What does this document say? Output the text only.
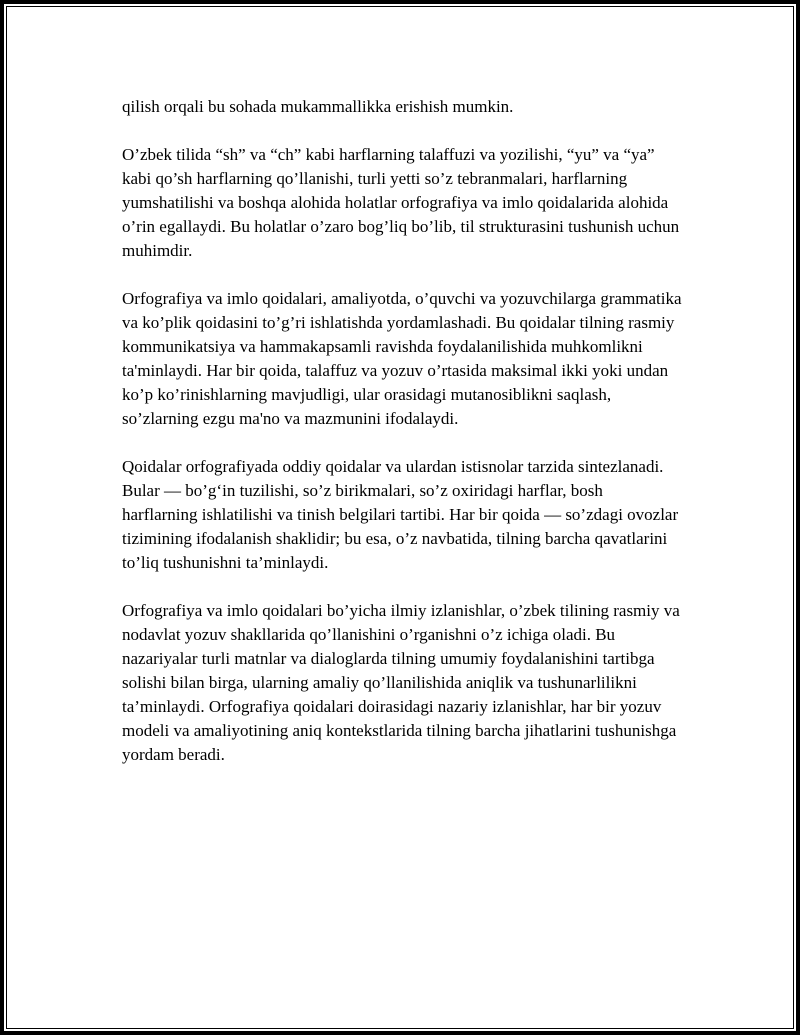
qilish orqali bu sohada mukammallikka erishish mumkin.

O’zbek tilida “sh” va “ch” kabi harflarning talaffuzi va yozilishi, “yu” va “ya” kabi qo’sh harflarning qo’llanishi, turli yetti so’z tebranmalari, harflarning yumshatilishi va boshqa alohida holatlar orfografiya va imlo qoidalarida alohida o’rin egallaydi. Bu holatlar o’zaro bog’liq bo’lib, til strukturasini tushunish uchun muhimdir.

Orfografiya va imlo qoidalari, amaliyotda, o’quvchi va yozuvchilarga grammatika va ko’plik qoidasini to’g’ri ishlatishda yordamlashadi. Bu qoidalar tilning rasmiy kommunikatsiya va hammakapsamli ravishda foydalanilishida muhkomlikni ta'minlaydi. Har bir qoida, talaffuz va yozuv o’rtasida maksimal ikki yoki undan ko’p ko’rinishlarning mavjudligi, ular orasidagi mutanosiblikni saqlash, so’zlarning ezgu ma'no va mazmunini ifodalaydi.

Qoidalar orfografiyada oddiy qoidalar va ulardan istisnolar tarzida sintezlanadi. Bular — bo’g‘in tuzilishi, so’z birikmalari, so’z oxiridagi harflar, bosh harflarning ishlatilishi va tinish belgilari tartibi. Har bir qoida — so’zdagi ovozlar tizimining ifodalanish shaklidir; bu esa, o’z navbatida, tilning barcha qavatlarini to’liq tushunishni ta’minlaydi.

Orfografiya va imlo qoidalari bo’yicha ilmiy izlanishlar, o’zbek tilining rasmiy va nodavlat yozuv shakllarida qo’llanishini o’rganishni o’z ichiga oladi. Bu nazariyalar turli matnlar va dialoglarda tilning umumiy foydalanishini tartibga solishi bilan birga, ularning amaliy qo’llanilishida aniqlik va tushunarlilikni ta’minlaydi. Orfografiya qoidalari doirasidagi nazariy izlanishlar, har bir yozuv modeli va amaliyotining aniq kontekstlarida tilning barcha jihatlarini tushunishga yordam beradi.
